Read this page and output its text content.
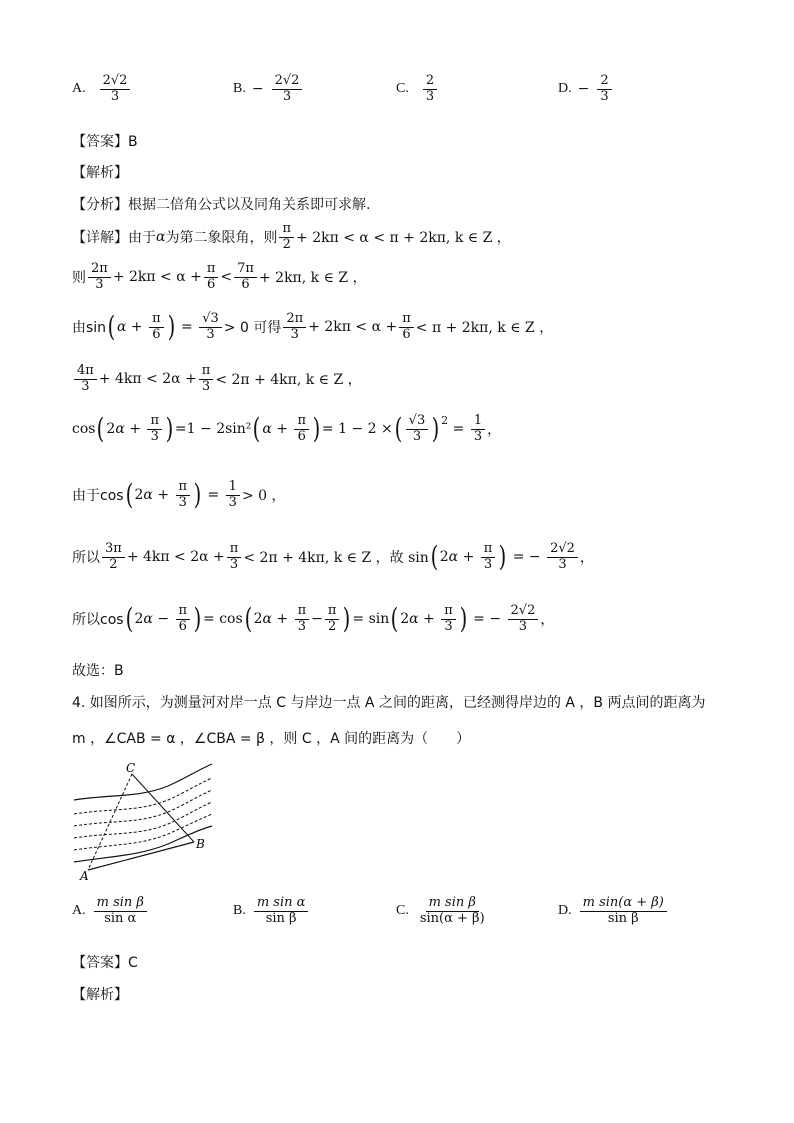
A. $\frac{2√2}{3}$	B. − $\frac{2√2}{3}$	C. $\frac{2}{3}$	D. − $\frac{2}{3}$
【答案】B
【解析】
【分析】根据二倍角公式以及同角关系即可求解.
【详解】由于 α 为第二象限角，则 $\frac{\pi}{2} + 2k\pi < \alpha < \pi + 2k\pi$, k ∈ Z ，
则 $\frac{2\pi}{3} + 2k\pi < \alpha + \frac{\pi}{6} < \frac{7\pi}{6} + 2k\pi$, k ∈ Z ，
由sin ( $\alpha + \frac{\pi}{6}$ ) = $\frac{√3}{3} > 0$ 可得 $\frac{2\pi}{3} + 2k\pi < \alpha + \frac{\pi}{6} < \pi + 2k\pi$, k ∈ Z ，
$\frac{4\pi}{3} + 4k\pi < 2\alpha + \frac{\pi}{3} < 2\pi + 4k\pi$, k ∈ Z ，
cos ( $2\alpha + \frac{\pi}{3}$ ) =1 − 2sin² ( $\alpha + \frac{\pi}{6}$ ) = 1 − 2 × ( $\frac{√3}{3} )^2$
= $\frac{1}{3}$ ，
由于cos ( $2\alpha + \frac{\pi}{3}$ ) = $\frac{1}{3} > 0$ ，
所以 $\frac{3\pi}{2} + 4k\pi < 2\alpha + \frac{\pi}{3} < 2\pi + 4k\pi$, k ∈ Z ，故 sin ( $2\alpha + \frac{\pi}{3}$ ) = − $\frac{2√2}{3}$ ，
所以cos ( $2\alpha - \frac{\pi}{6}$ ) = cos ( $2\alpha + \frac{\pi}{3} - \frac{\pi}{2}$ ) = sin ( $2\alpha + \frac{\pi}{3}$ ) = − $\frac{2√2}{3}$ ，
故选：B
4. 如图所示，为测量河对岸一点 C 与岸边一点 A 之间的距离，已经测得岸边的 A ，B 两点间的距离为
m ，∠CAB = α ，∠CBA = β ，则 C ，A 间的距离为（　　）
C
B
A
A. $\frac{\text{m sin β}}{\text{sin α}}$	B. $\frac{\text{m sin α}}{\text{sin β}}$	C. $\frac{\text{m sin β}}{\sin(\alpha + \beta)}$	D. $\frac{\text{m sin(α + β)}}{\text{sin β}}$
【答案】C
【解析】
